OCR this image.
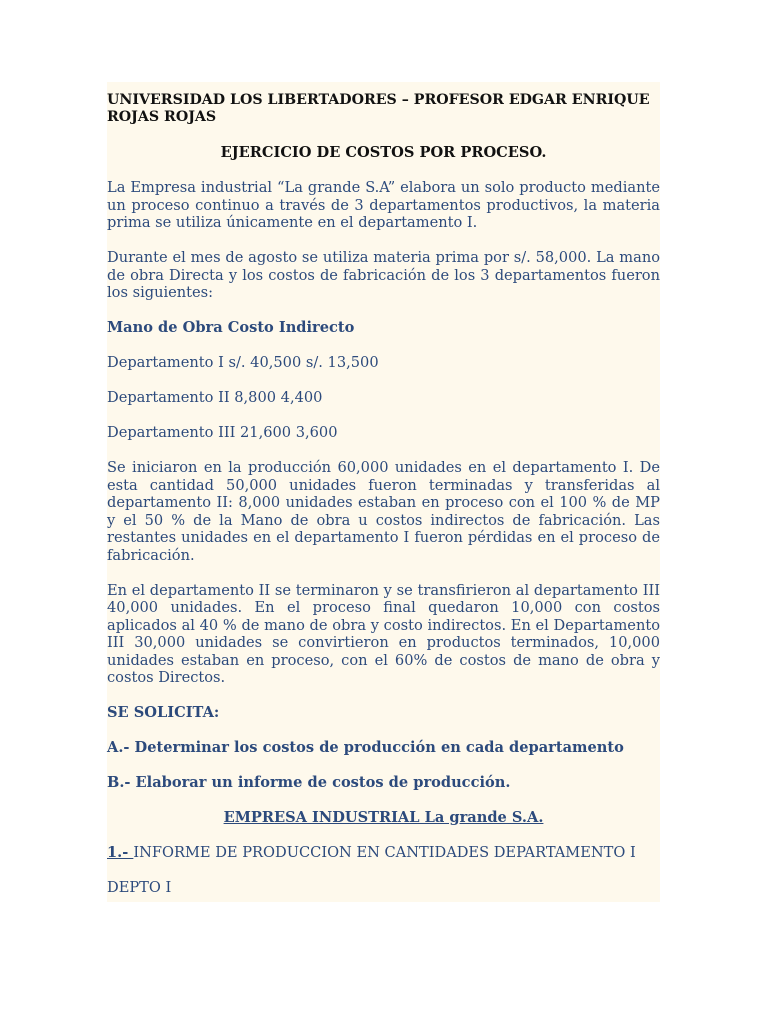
UNIVERSIDAD LOS LIBERTADORES – PROFESOR EDGAR ENRIQUE ROJAS ROJAS

EJERCICIO DE COSTOS POR PROCESO.

La Empresa industrial “La grande S.A” elabora un solo producto mediante un proceso continuo a través de 3 departamentos productivos, la materia prima se utiliza únicamente en el departamento I.

Durante el mes de agosto se utiliza materia prima por s/. 58,000. La mano de obra Directa y los costos de fabricación de los 3 departamentos fueron los siguientes:

Mano de Obra Costo Indirecto

Departamento I s/. 40,500 s/. 13,500

Departamento II 8,800 4,400

Departamento III 21,600 3,600

Se iniciaron en la producción 60,000 unidades en el departamento I. De esta cantidad 50,000 unidades fueron terminadas y transferidas al departamento II: 8,000 unidades estaban en proceso con el 100 % de MP y el 50 % de la Mano de obra u costos indirectos de fabricación. Las restantes unidades en el departamento I fueron pérdidas en el proceso de fabricación.

En el departamento II se terminaron y se transfirieron al departamento III 40,000 unidades. En el proceso final quedaron 10,000 con costos aplicados al 40 % de mano de obra y costo indirectos. En el Departamento III 30,000 unidades se convirtieron en productos terminados, 10,000 unidades estaban en proceso, con el 60% de costos de mano de obra y costos Directos.

SE SOLICITA:

A.- Determinar los costos de producción en cada departamento

B.- Elaborar un informe de costos de producción.

EMPRESA INDUSTRIAL La grande S.A.

1.- INFORME DE PRODUCCION EN CANTIDADES DEPARTAMENTO I

DEPTO I
